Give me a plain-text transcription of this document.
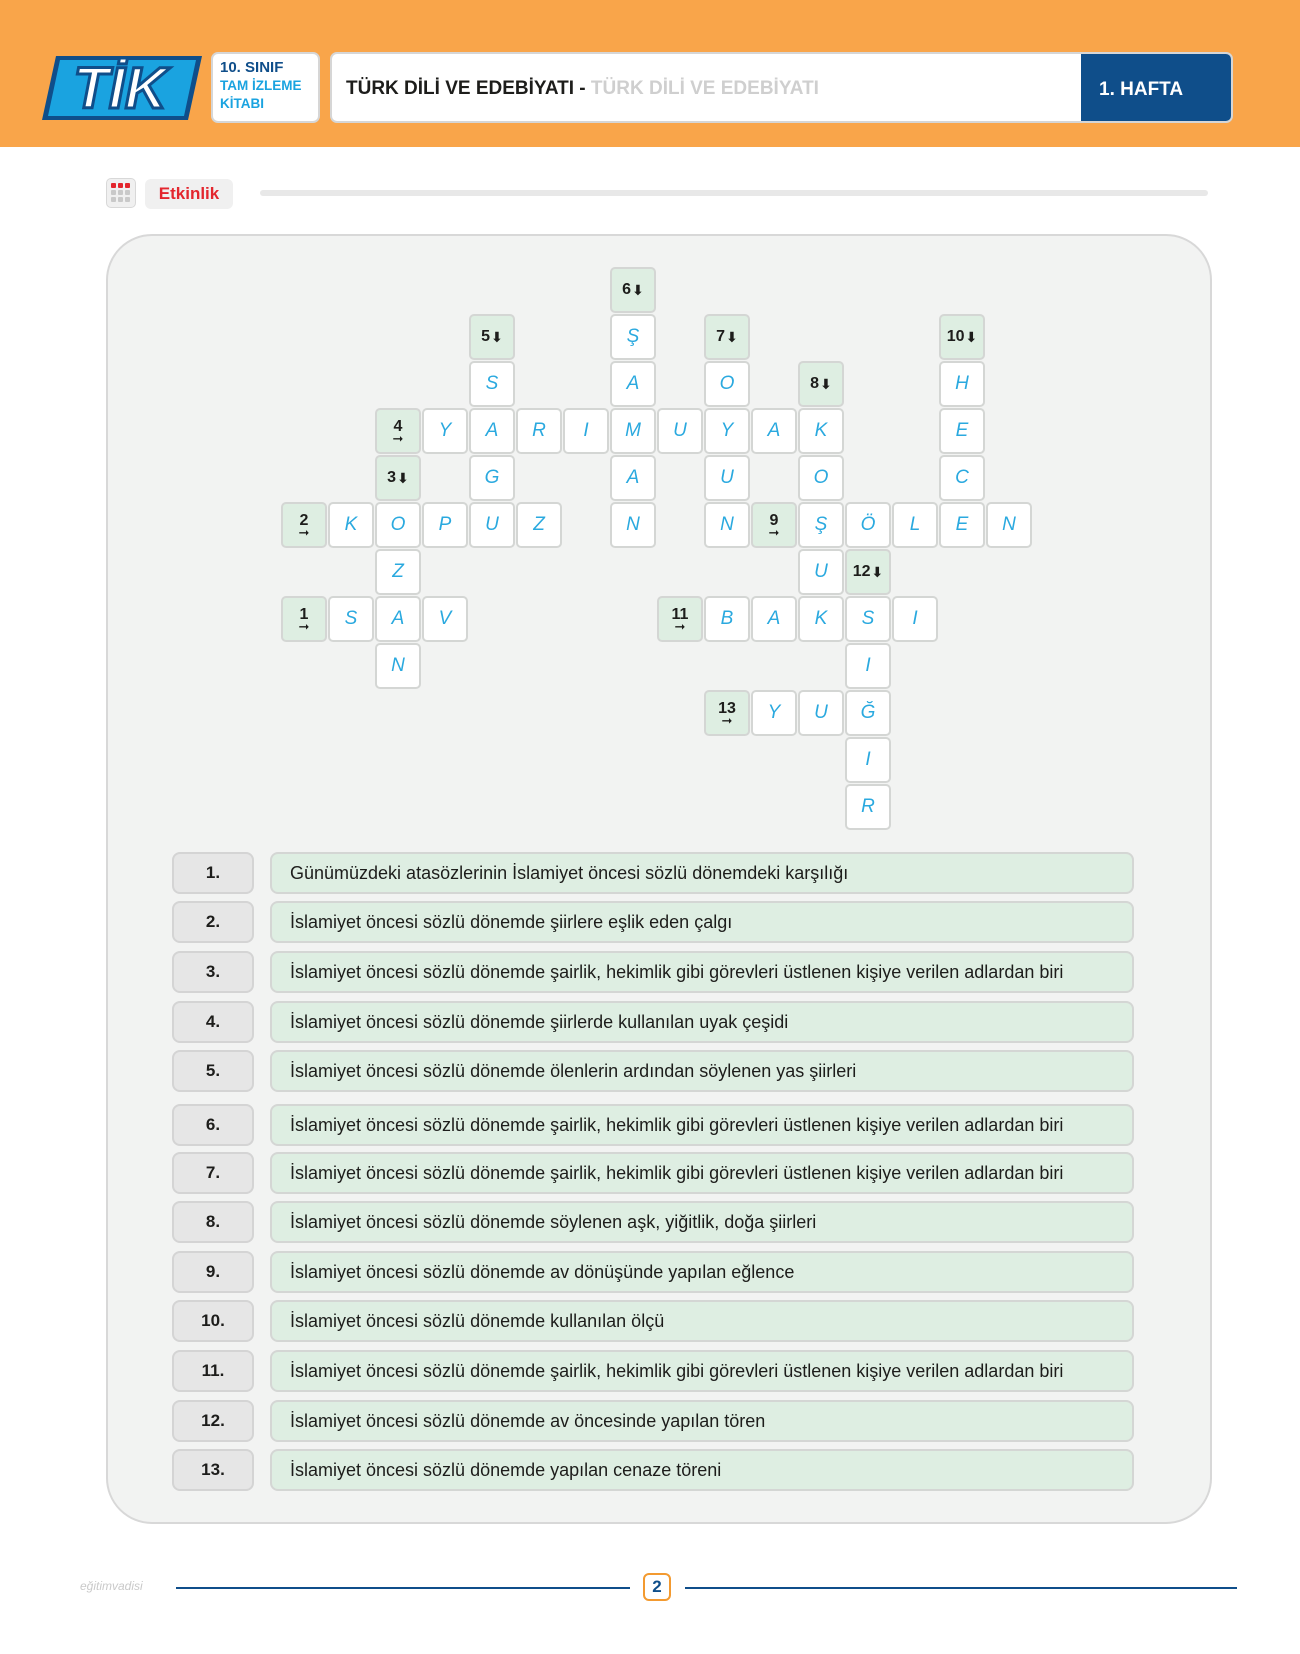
TİK	10. SINIF
TAM İZLEME
KİTABI
TÜRK DİLİ VE EDEBİYATI - TÜRK DİLİ VE EDEBİYATI	1. HAFTA
Etkinlik
6 ⬇
5 ⬇	7 ⬇	10 ⬇
8 ⬇
4
➞
3 ⬇
2
➞
9
➞
12 ⬇
1
➞
11
➞
13
➞
Ş
S	A	O	H
Y	A	R	I	M	U	Y	A	K	E
G	A	U	O	C
K	O	P	U	Z	N	N	Ş	Ö	L	E	N
Z	U
S	A	V	B	A	K	S	I
N	I
Y	U	Ğ
I
R
1.	Günümüzdeki atasözlerinin İslamiyet öncesi sözlü dönemdeki karşılığı
2.	İslamiyet öncesi sözlü dönemde şiirlere eşlik eden çalgı
3.	İslamiyet öncesi sözlü dönemde şairlik, hekimlik gibi görevleri üstlenen kişiye verilen adlardan biri
4.	İslamiyet öncesi sözlü dönemde şiirlerde kullanılan uyak çeşidi
5.	İslamiyet öncesi sözlü dönemde ölenlerin ardından söylenen yas şiirleri
6.	İslamiyet öncesi sözlü dönemde şairlik, hekimlik gibi görevleri üstlenen kişiye verilen adlardan biri
7.	İslamiyet öncesi sözlü dönemde şairlik, hekimlik gibi görevleri üstlenen kişiye verilen adlardan biri
8.	İslamiyet öncesi sözlü dönemde söylenen aşk, yiğitlik, doğa şiirleri
9.	İslamiyet öncesi sözlü dönemde av dönüşünde yapılan eğlence
10.	İslamiyet öncesi sözlü dönemde kullanılan ölçü
11.	İslamiyet öncesi sözlü dönemde şairlik, hekimlik gibi görevleri üstlenen kişiye verilen adlardan biri
12.	İslamiyet öncesi sözlü dönemde av öncesinde yapılan tören
13.	İslamiyet öncesi sözlü dönemde yapılan cenaze töreni
eğitimvadisi	2
